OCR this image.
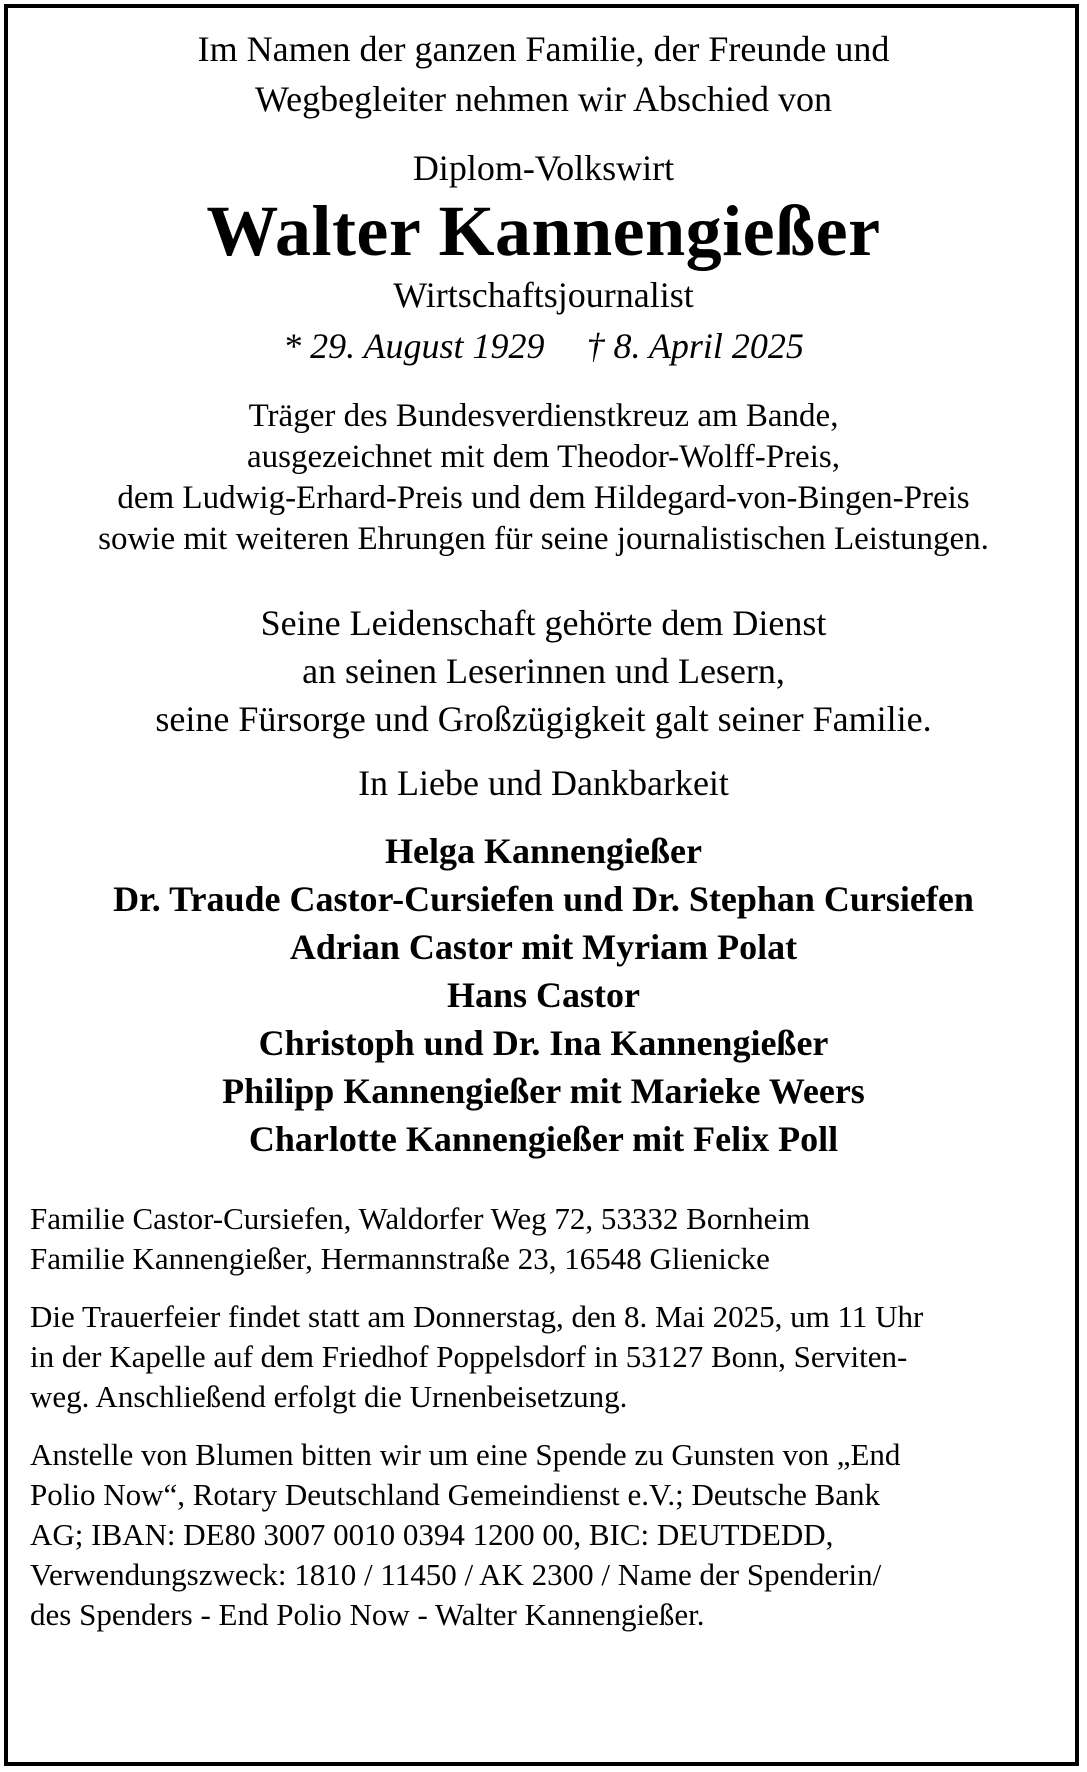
Im Namen der ganzen Familie, der Freunde und
Wegbegleiter nehmen wir Abschied von
Diplom-Volkswirt
Walter Kannengießer
Wirtschaftsjournalist
* 29. August 1929 † 8. April 2025
Träger des Bundesverdienstkreuz am Bande,
ausgezeichnet mit dem Theodor-Wolff-Preis,
dem Ludwig-Erhard-Preis und dem Hildegard-von-Bingen-Preis
sowie mit weiteren Ehrungen für seine journalistischen Leistungen.
Seine Leidenschaft gehörte dem Dienst
an seinen Leserinnen und Lesern,
seine Fürsorge und Großzügigkeit galt seiner Familie.
In Liebe und Dankbarkeit
Helga Kannengießer
Dr. Traude Castor-Cursiefen und Dr. Stephan Cursiefen
Adrian Castor mit Myriam Polat
Hans Castor
Christoph und Dr. Ina Kannengießer
Philipp Kannengießer mit Marieke Weers
Charlotte Kannengießer mit Felix Poll
Familie Castor-Cursiefen, Waldorfer Weg 72, 53332 Bornheim
Familie Kannengießer, Hermannstraße 23, 16548 Glienicke
Die Trauerfeier findet statt am Donnerstag, den 8. Mai 2025, um 11 Uhr
in der Kapelle auf dem Friedhof Poppelsdorf in 53127 Bonn, Serviten-
weg. Anschließend erfolgt die Urnenbeisetzung.
Anstelle von Blumen bitten wir um eine Spende zu Gunsten von „End
Polio Now“, Rotary Deutschland Gemeindienst e.V.; Deutsche Bank
AG; IBAN: DE80 3007 0010 0394 1200 00, BIC: DEUTDEDD,
Verwendungszweck: 1810 / 11450 / AK 2300 / Name der Spenderin/
des Spenders - End Polio Now - Walter Kannengießer.
